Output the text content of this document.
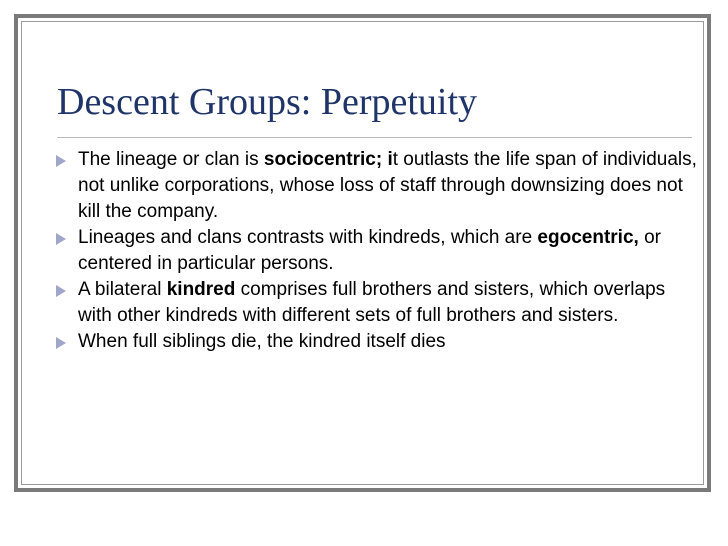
Descent Groups: Perpetuity
The lineage or clan is sociocentric; it outlasts the life span of individuals, not unlike corporations, whose loss of staff through downsizing does not kill the company.
Lineages and clans contrasts with kindreds, which are egocentric, or centered in particular persons.
A bilateral kindred comprises full brothers and sisters, which overlaps with other kindreds with different sets of full brothers and sisters.
When full siblings die, the kindred itself dies
